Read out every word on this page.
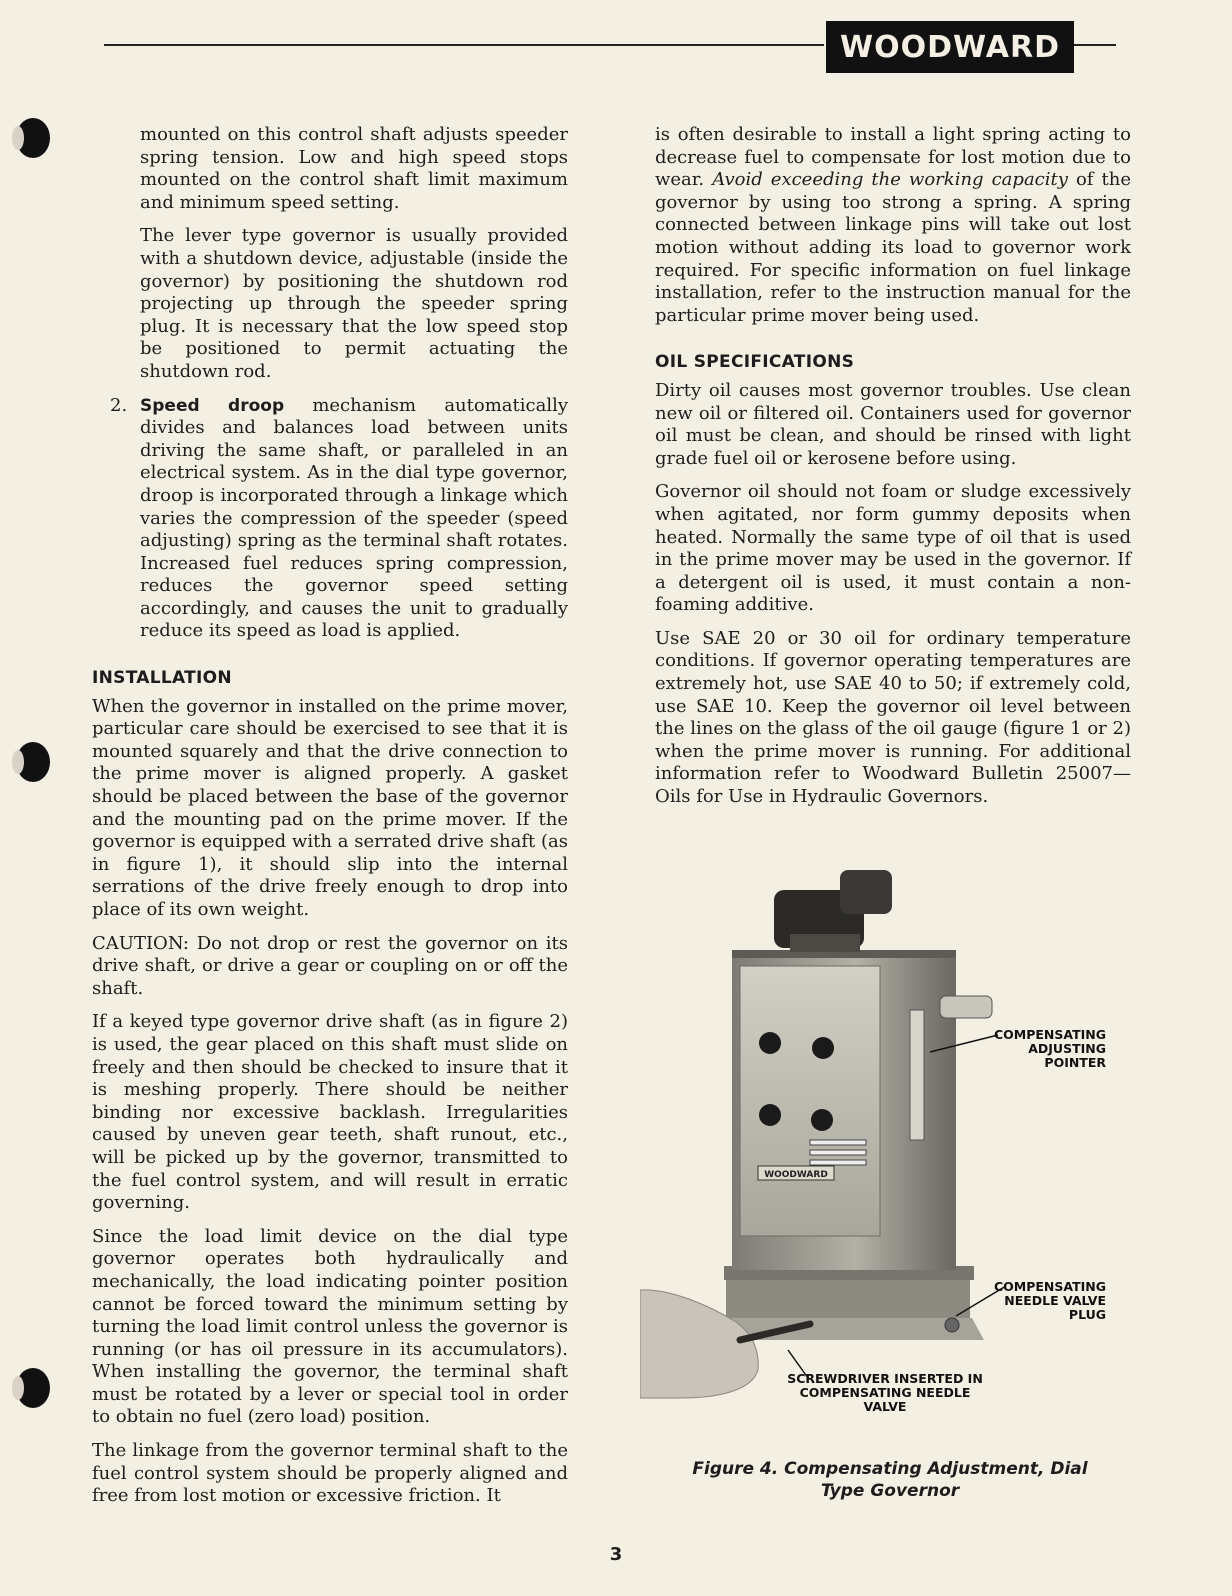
WOODWARD

mounted on this control shaft adjusts speeder spring tension. Low and high speed stops mounted on the control shaft limit maximum and minimum speed setting.

The lever type governor is usually provided with a shutdown device, adjustable (inside the governor) by positioning the shutdown rod projecting up through the speeder spring plug. It is necessary that the low speed stop be positioned to permit actuating the shutdown rod.

2. Speed droop mechanism automatically divides and balances load between units driving the same shaft, or paralleled in an electrical system. As in the dial type governor, droop is incorporated through a linkage which varies the compression of the speeder (speed adjusting) spring as the terminal shaft rotates. Increased fuel reduces spring compression, reduces the governor speed setting accordingly, and causes the unit to gradually reduce its speed as load is applied.
INSTALLATION

When the governor in installed on the prime mover, particular care should be exercised to see that it is mounted squarely and that the drive connection to the prime mover is aligned properly. A gasket should be placed between the base of the governor and the mounting pad on the prime mover. If the governor is equipped with a serrated drive shaft (as in figure 1), it should slip into the internal serrations of the drive freely enough to drop into place of its own weight.

CAUTION: Do not drop or rest the governor on its drive shaft, or drive a gear or coupling on or off the shaft.

If a keyed type governor drive shaft (as in figure 2) is used, the gear placed on this shaft must slide on freely and then should be checked to insure that it is meshing properly. There should be neither binding nor excessive backlash. Irregularities caused by uneven gear teeth, shaft runout, etc., will be picked up by the governor, transmitted to the fuel control system, and will result in erratic governing.

Since the load limit device on the dial type governor operates both hydraulically and mechanically, the load indicating pointer position cannot be forced toward the minimum setting by turning the load limit control unless the governor is running (or has oil pressure in its accumulators). When installing the governor, the terminal shaft must be rotated by a lever or special tool in order to obtain no fuel (zero load) position.

The linkage from the governor terminal shaft to the fuel control system should be properly aligned and free from lost motion or excessive friction. It

is often desirable to install a light spring acting to decrease fuel to compensate for lost motion due to wear. Avoid exceeding the working capacity of the governor by using too strong a spring. A spring connected between linkage pins will take out lost motion without adding its load to governor work required. For specific information on fuel linkage installation, refer to the instruction manual for the particular prime mover being used.

OIL SPECIFICATIONS

Dirty oil causes most governor troubles. Use clean new oil or filtered oil. Containers used for governor oil must be clean, and should be rinsed with light grade fuel oil or kerosene before using.

Governor oil should not foam or sludge excessively when agitated, nor form gummy deposits when heated. Normally the same type of oil that is used in the prime mover may be used in the governor. If a detergent oil is used, it must contain a non-foaming additive.

Use SAE 20 or 30 oil for ordinary temperature conditions. If governor operating temperatures are extremely hot, use SAE 40 to 50; if extremely cold, use SAE 10. Keep the governor oil level between the lines on the glass of the oil gauge (figure 1 or 2) when the prime mover is running. For additional information refer to Woodward Bulletin 25007—Oils for Use in Hydraulic Governors.

WOODWARD
COMPENSATING
ADJUSTING
POINTER
COMPENSATING
NEEDLE VALVE
PLUG
SCREWDRIVER INSERTED IN
COMPENSATING NEEDLE VALVE
Figure 4. Compensating Adjustment, Dial
Type Governor
3
